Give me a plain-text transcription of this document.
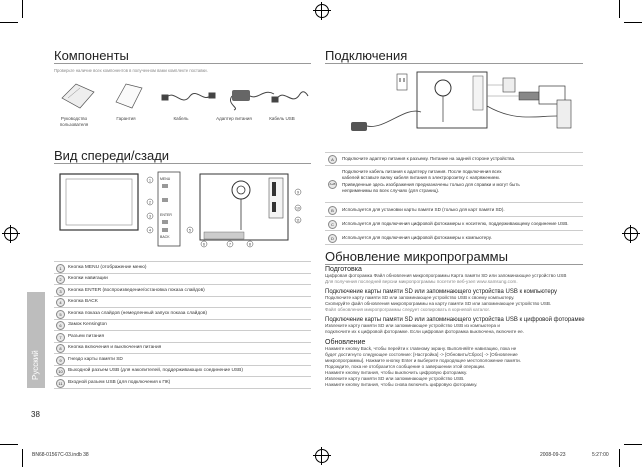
Компоненты
Проверьте наличие всех компонентов в полученном вами комплекте поставки.
Руководство пользователя
Гарантия	Кабель	Адаптер питания	Кабель USB
Вид спереди/сзади
MENU
ENTER
BACK
1
2
3
4	5
6	7	8
9
10
11
1	Кнопка MENU (отображение меню)
2	Кнопки навигации
3	Кнопка ENTER (воспроизведение/остановка показа слайдов)
4	Кнопка BACK
5	Кнопка показа слайдов (немедленный запуск показа слайдов)
6	Замок Kensington
7	Разъем питания
8	Кнопка включения и выключения питания
9	Гнездо карты памяти SD
10	Выходной разъем USB (для накопителей, поддерживающих соединение USB)
11	Входной разъем USB (для подключения к ПК)
Русский
38
Подключения
A	Подключите адаптер питания к разъему. Питание на задней стороне устройства.
A+B
Подключите кабель питания к адаптеру питания. После подключения всех
кабелей вставьте вилку кабеля питания в электророзетку с напряжением.
Приведенные здесь изображения предназначены только для справки и могут быть
неприменимы во всех случаях (для страниц).
B	Используется для установки карты памяти SD (только для карт памяти SD).
C	Используется для подключения цифровой фотокамеры к носителю, поддерживающему соединение USB.
D	Используется для подключения цифровой фотокамеры к компьютеру.
Обновление микропрограммы
Подготовка
Цифровая фоторамка Файл обновления микропрограммы Карта памяти SD или запоминающее устройство USB
Для получения последней версии микропрограммы посетите веб-узел www.samsung.com.
Подключение карты памяти SD или запоминающего устройства USB к компьютеру
Подключите карту памяти SD или запоминающее устройство USB к своему компьютеру.
Скопируйте файл обновления микропрограммы на карту памяти SD или запоминающее устройство USB.
Файл обновления микропрограммы следует скопировать в корневой каталог.
Подключение карты памяти SD или запоминающего устройства USB к цифровой фоторамке
Извлеките карту памяти SD или запоминающее устройство USB из компьютера и
подключите их к цифровой фоторамке. Если цифровая фоторамка выключена, включите ее.
Обновление
Нажмите кнопку Back, чтобы перейти к главному экрану. Выполняйте навигацию, пока не
будет достигнуто следующее состояние: [Настройка] -> [Обновить/Сброс] -> [Обновление
микропрограммы]. Нажмите кнопку Enter и выберите подходящее местоположение памяти.
Подождите, пока не отобразится сообщение о завершении этой операции.
Нажмите кнопку питания, чтобы выключить цифровую фоторамку.
Извлеките карту памяти SD или запоминающее устройство USB.
Нажмите кнопку питания, чтобы снова включить цифровую фоторамку.
BN68-01567C-03.indb 38	2008-09-23	5:27:00
